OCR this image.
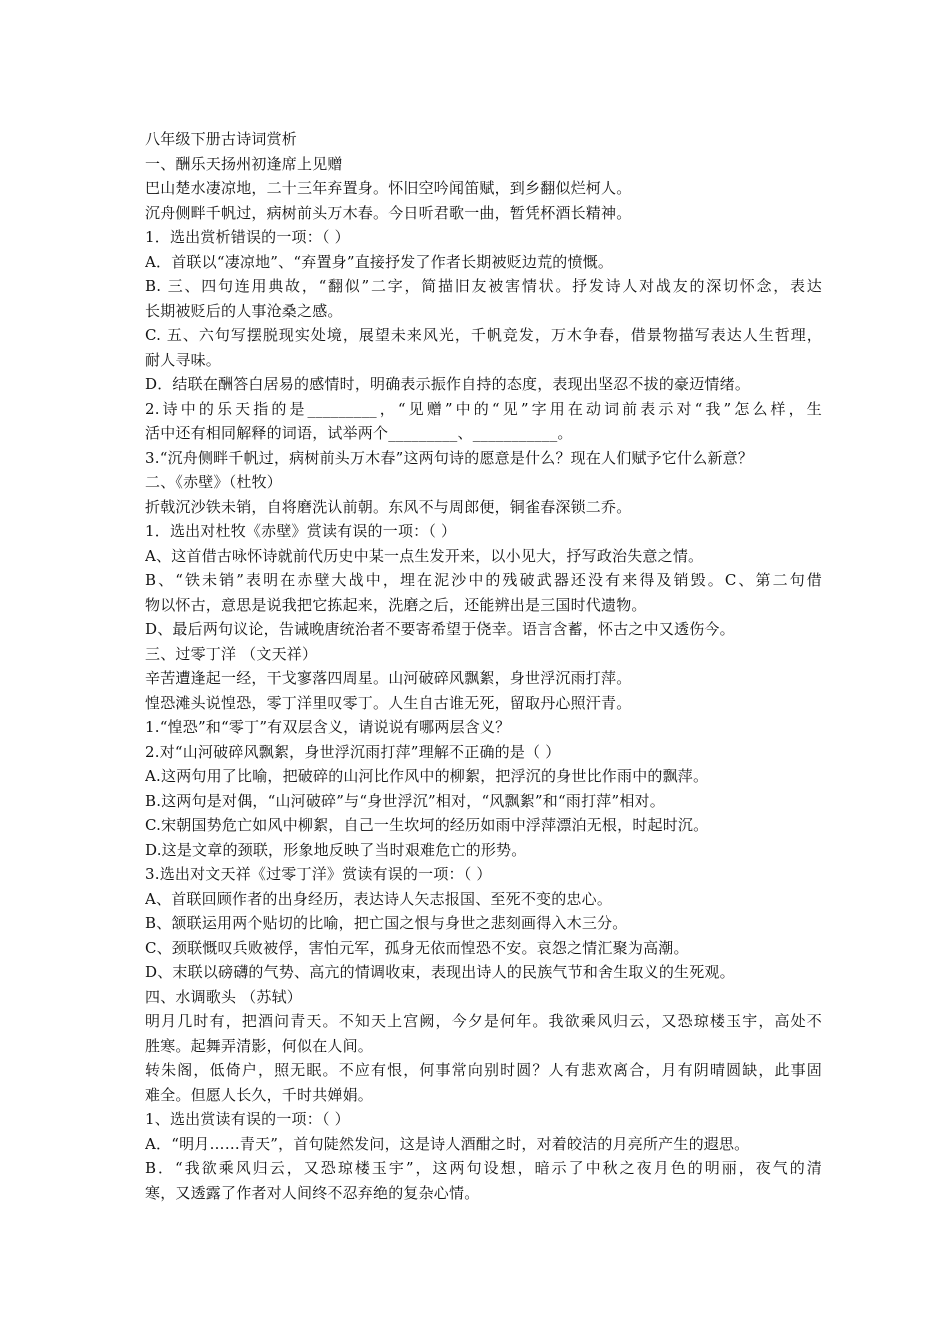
八年级下册古诗词赏析
一、酬乐天扬州初逢席上见赠
巴山楚水凄凉地，二十三年弃置身。怀旧空吟闻笛赋，到乡翻似烂柯人。
沉舟侧畔千帆过，病树前头万木春。今日听君歌一曲，暂凭杯酒长精神。
1．选出赏析错误的一项：（ ）
A．首联以“凄凉地”、“弃置身”直接抒发了作者长期被贬边荒的愤慨。
B. 三、四句连用典故，“翻似”二字，简描旧友被害情状。抒发诗人对战友的深切怀念，表达
长期被贬后的人事沧桑之感。
C. 五、六句写摆脱现实处境，展望未来风光，千帆竞发，万木争春，借景物描写表达人生哲理，
耐人寻味。
D．结联在酬答白居易的感情时，明确表示振作自持的态度，表现出坚忍不拔的豪迈情绪。
2.诗中的乐天指的是_________，“见赠”中的“见”字用在动词前表示对“我”怎么样，生
活中还有相同解释的词语，试举两个_________、___________。
3.“沉舟侧畔千帆过，病树前头万木春”这两句诗的愿意是什么？现在人们赋予它什么新意？
二、《赤壁》（杜牧）
折戟沉沙铁未销，自将磨洗认前朝。东风不与周郎便，铜雀春深锁二乔。
1．选出对杜牧《赤壁》赏读有误的一项：（ ）
A、这首借古咏怀诗就前代历史中某一点生发开来，以小见大，抒写政治失意之情。
B、“铁未销”表明在赤壁大战中，埋在泥沙中的残破武器还没有来得及销毁。C、第二句借
物以怀古，意思是说我把它拣起来，洗磨之后，还能辨出是三国时代遗物。
D、最后两句议论，告诫晚唐统治者不要寄希望于侥幸。语言含蓄，怀古之中又透伤今。
三、过零丁洋 （文天祥）
辛苦遭逢起一经，干戈寥落四周星。山河破碎风飘絮，身世浮沉雨打萍。
惶恐滩头说惶恐，零丁洋里叹零丁。人生自古谁无死，留取丹心照汗青。
1.“惶恐”和“零丁”有双层含义，请说说有哪两层含义？
2.对“山河破碎风飘絮，身世浮沉雨打萍”理解不正确的是（ ）
A.这两句用了比喻，把破碎的山河比作风中的柳絮，把浮沉的身世比作雨中的飘萍。
B.这两句是对偶，“山河破碎”与“身世浮沉”相对，“风飘絮”和“雨打萍”相对。
C.宋朝国势危亡如风中柳絮，自己一生坎坷的经历如雨中浮萍漂泊无根，时起时沉。
D.这是文章的颈联，形象地反映了当时艰难危亡的形势。
3.选出对文天祥《过零丁洋》赏读有误的一项：（ ）
A、首联回顾作者的出身经历，表达诗人矢志报国、至死不变的忠心。
B、颔联运用两个贴切的比喻，把亡国之恨与身世之悲刻画得入木三分。
C、颈联慨叹兵败被俘，害怕元军，孤身无依而惶恐不安。哀怨之情汇聚为高潮。
D、末联以磅礴的气势、高亢的情调收束，表现出诗人的民族气节和舍生取义的生死观。
四、水调歌头 （苏轼）
明月几时有，把酒问青天。不知天上宫阙，今夕是何年。我欲乘风归云，又恐琼楼玉宇，高处不
胜寒。起舞弄清影，何似在人间。
转朱阁，低倚户，照无眠。不应有恨，何事常向别时圆？人有悲欢离合，月有阴晴圆缺，此事固
难全。但愿人长久，千时共婵娟。
1、选出赏读有误的一项：（ ）
A．“明月……青天”，首句陡然发问，这是诗人酒酣之时，对着皎洁的月亮所产生的遐思。
B．“我欲乘风归云，又恐琼楼玉宇”，这两句设想，暗示了中秋之夜月色的明丽，夜气的清
寒，又透露了作者对人间终不忍弃绝的复杂心情。
